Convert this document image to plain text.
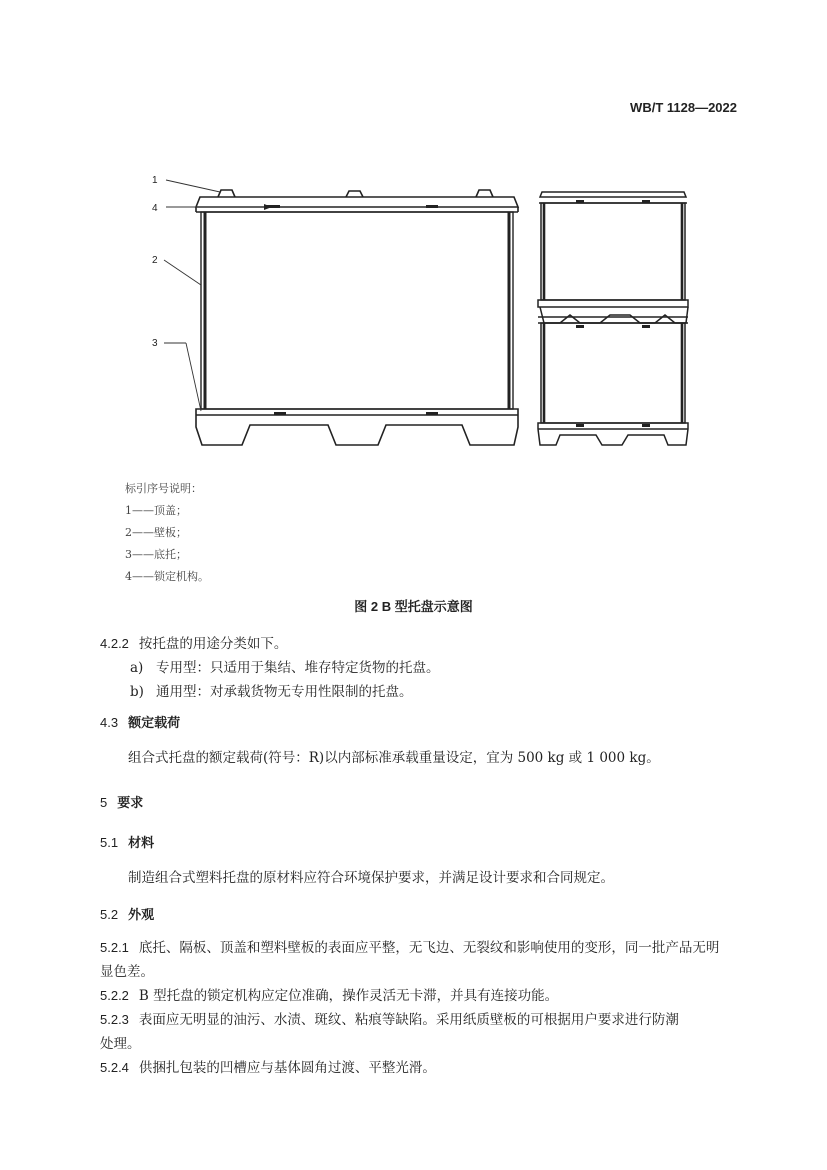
WB/T 1128—2022
1
4
2
3
标引序号说明：
1——顶盖；
2——壁板；
3——底托；
4——锁定机构。
图 2 B 型托盘示意图
4.2.2 按托盘的用途分类如下。
a) 专用型：只适用于集结、堆存特定货物的托盘。
b) 通用型：对承载货物无专用性限制的托盘。
4.3 额定载荷
组合式托盘的额定载荷(符号：R)以内部标准承载重量设定，宜为 500 kg 或 1 000 kg。
5 要求
5.1 材料
制造组合式塑料托盘的原材料应符合环境保护要求，并满足设计要求和合同规定。
5.2 外观
5.2.1 底托、隔板、顶盖和塑料壁板的表面应平整，无飞边、无裂纹和影响使用的变形，同一批产品无明
显色差。
5.2.2 B 型托盘的锁定机构应定位准确，操作灵活无卡滞，并具有连接功能。
5.2.3 表面应无明显的油污、水渍、斑纹、粘痕等缺陷。采用纸质壁板的可根据用户要求进行防潮
处理。
5.2.4 供捆扎包装的凹槽应与基体圆角过渡、平整光滑。
